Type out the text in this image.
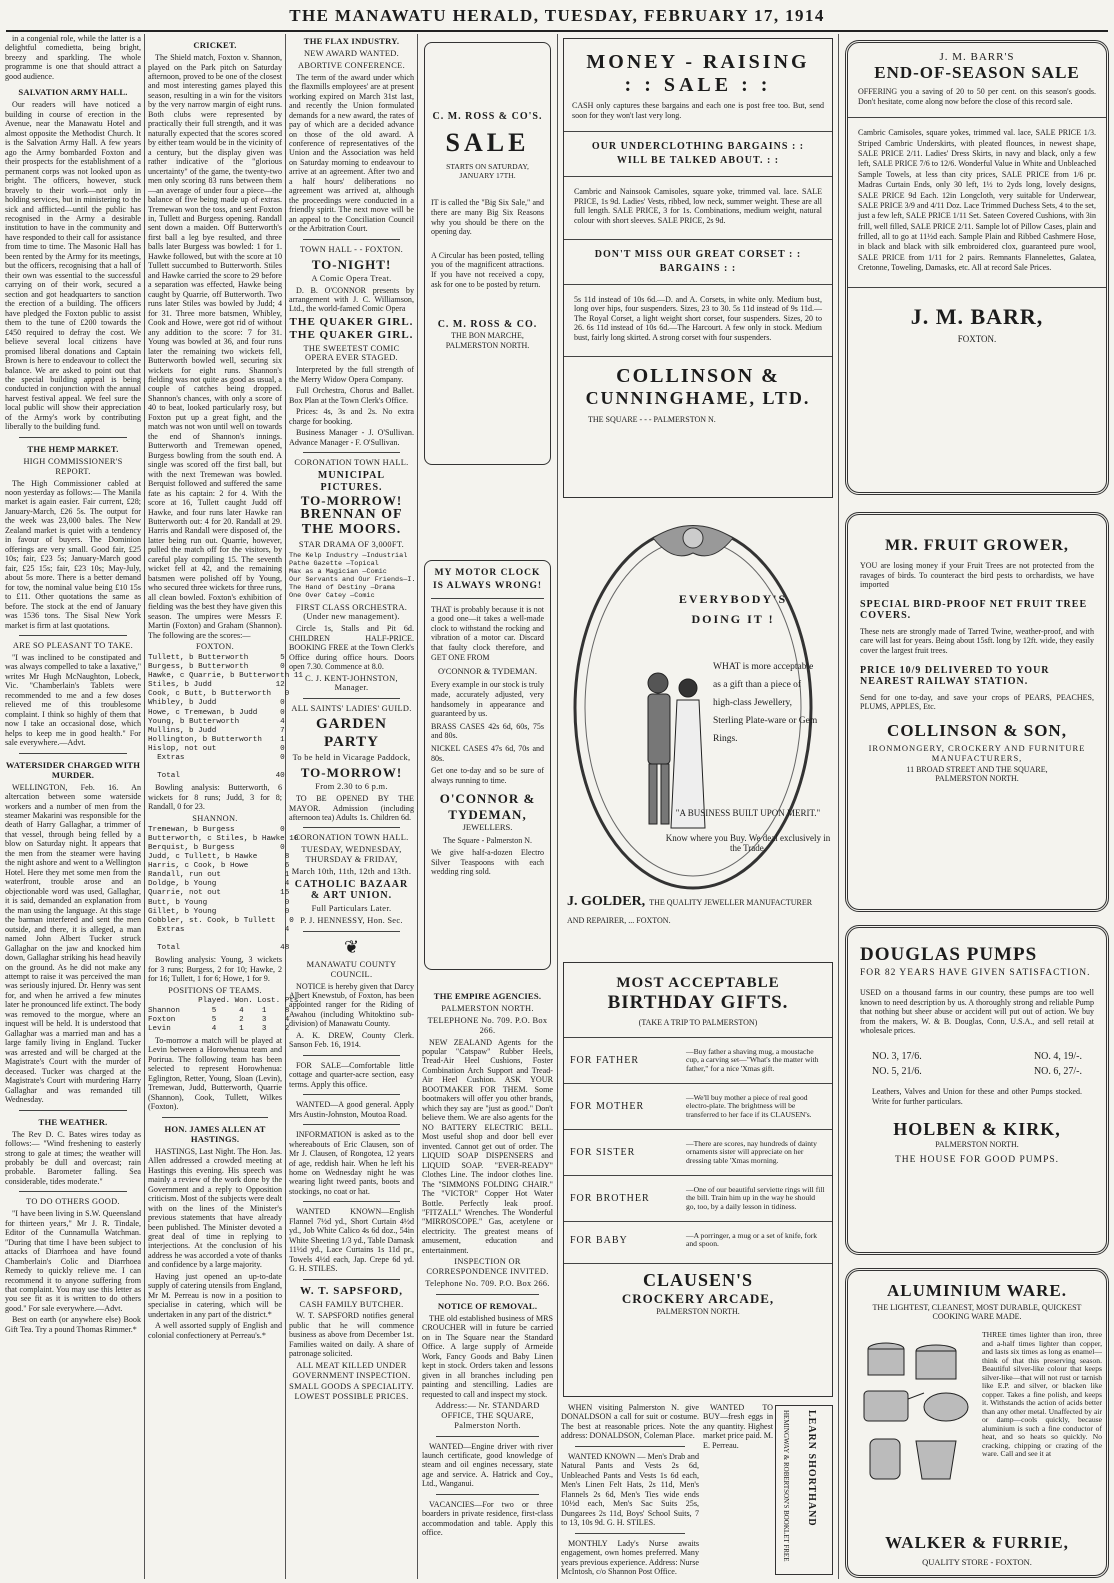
THE MANAWATU HERALD, TUESDAY, FEBRUARY 17, 1914

in a congenial role, while the latter is a delightful comedietta, being bright, breezy and sparkling. The whole programme is one that should attract a good audience.

SALVATION ARMY HALL.

Our readers will have noticed a building in course of erection in the Avenue, near the Manawatu Hotel and almost opposite the Methodist Church. It is the Salvation Army Hall. A few years ago the Army bombarded Foxton and their prospects for the establishment of a permanent corps was not looked upon as bright. The officers, however, stuck bravely to their work—not only in holding services, but in ministering to the sick and afflicted—until the public has recognised in the Army a desirable institution to have in the community and have responded to their call for assistance from time to time. The Masonic Hall has been rented by the Army for its meetings, but the officers, recognising that a hall of their own was essential to the successful carrying on of their work, secured a section and got headquarters to sanction the erection of a building. The officers have pledged the Foxton public to assist them to the tune of £200 towards the £450 required to defray the cost. We believe several local citizens have promised liberal donations and Captain Brown is here to endeavour to collect the balance. We are asked to point out that the special building appeal is being conducted in conjunction with the annual harvest festival appeal. We feel sure the local public will show their appreciation of the Army's work by contributing liberally to the building fund.

THE HEMP MARKET.
HIGH COMMISSIONER'S REPORT.

The High Commissioner cabled at noon yesterday as follows:— The Manila market is again easier. Fair current, £28; January-March, £26 5s. The output for the week was 23,000 bales. The New Zealand market is quiet with a tendency in favour of buyers. The Dominion offerings are very small. Good fair, £25 10s; fair, £23 5s; January-March good fair, £25 15s; fair, £23 10s; May-July, about 5s more. There is a better demand for tow, the nominal value being £10 15s to £11. Other quotations the same as before. The stock at the end of January was 1536 tons. The Sisal New York market is firm at last quotations.

ARE SO PLEASANT TO TAKE.

"I was inclined to be constipated and was always compelled to take a laxative," writes Mr Hugh McNaughton, Lobeck, Vic. "Chamberlain's Tablets were recommended to me and a few doses relieved me of this troublesome complaint. I think so highly of them that now I take an occasional dose, which helps to keep me in good health." For sale everywhere.—Advt.

WATERSIDER CHARGED WITH MURDER.

WELLINGTON, Feb. 16. An altercation between some waterside workers and a number of men from the steamer Makarini was responsible for the death of Harry Gallaghar, a trimmer of that vessel, through being felled by a blow on Saturday night. It appears that the men from the steamer were having the night ashore and went to a Wellington Hotel. Here they met some men from the waterfront, trouble arose and an objectionable word was used, Gallaghar, it is said, demanded an explanation from the man using the language. At this stage the barman interfered and sent the men outside, and there, it is alleged, a man named John Albert Tucker struck Gallaghar on the jaw and knocked him down, Gallaghar striking his head heavily on the ground. As he did not make any attempt to raise it was perceived the man was seriously injured. Dr. Henry was sent for, and when he arrived a few minutes later he pronounced life extinct. The body was removed to the morgue, where an inquest will be held. It is understood that Gallaghar was a married man and has a large family living in England. Tucker was arrested and will be charged at the Magistrate's Court with the murder of deceased. Tucker was charged at the Magistrate's Court with murdering Harry Gallaghar and was remanded till Wednesday.

THE WEATHER.

The Rev D. C. Bates wires today as follows:— "Wind freshening to easterly strong to gale at times; the weather will probably be dull and overcast; rain probable. Barometer falling. Sea considerable, tides moderate."

TO DO OTHERS GOOD.

"I have been living in S.W. Queensland for thirteen years," Mr J. R. Tindale, Editor of the Cunnamulla Watchman. "During that time I have been subject to attacks of Diarrhoea and have found Chamberlain's Colic and Diarrhoea Remedy to quickly relieve me. I can recommend it to anyone suffering from that complaint. You may use this letter as you see fit as it is written to do others good." For sale everywhere.—Advt.

Best on earth (or anywhere else) Book Gift Tea. Try a pound Thomas Rimmer.*

CRICKET.

The Shield match, Foxton v. Shannon, played on the Park pitch on Saturday afternoon, proved to be one of the closest and most interesting games played this season, resulting in a win for the visitors by the very narrow margin of eight runs. Both clubs were represented by practically their full strength, and it was naturally expected that the scores scored by either team would be in the vicinity of a century, but the display given was rather indicative of the "glorious uncertainty" of the game, the twenty-two men only scoring 83 runs between them—an average of under four a piece—the balance of five being made up of extras. Tremewan won the toss, and sent Foxton in, Tullett and Burgess opening. Randall sent down a maiden. Off Butterworth's first ball a leg bye resulted, and three balls later Burgess was bowled: 1 for 1. Hawke followed, but with the score at 10 Tullett succumbed to Butterworth. Stiles and Hawke carried the score to 29 before a separation was effected, Hawke being caught by Quarrie, off Butterworth. Two runs later Stiles was bowled by Judd; 4 for 31. Three more batsmen, Whibley, Cook and Howe, were got rid of without any addition to the score: 7 for 31. Young was bowled at 36, and four runs later the remaining two wickets fell, Butterworth bowled well, securing six wickets for eight runs. Shannon's fielding was not quite as good as usual, a couple of catches being dropped. Shannon's chances, with only a score of 40 to beat, looked particularly rosy, but Foxton put up a great fight, and the match was not won until well on towards the end of Shannon's innings. Butterworth and Tremewan opened, Burgess bowling from the south end. A single was scored off the first ball, but with the next Tremewan was bowled. Berquist followed and suffered the same fate as his captain: 2 for 4. With the score at 16, Tullett caught Judd off Hawke, and four runs later Hawke ran Butterworth out: 4 for 20. Randall at 29. Harris and Randall were disposed of, the latter being run out. Quarrie, however, pulled the match off for the visitors, by careful play compiling 15. The seventh wicket fell at 42, and the remaining batsmen were polished off by Young, who secured three wickets for three runs, all clean bowled. Foxton's exhibition of fielding was the best they have given this season. The umpires were Messrs F. Martin (Foxton) and Graham (Shannon). The following are the scores:—

FOXTON.
Tullett, b Butterworth       5
Burgess, b Butterworth       0
Hawke, c Quarrie, b Butterworth 11
Stiles, b Judd              12
Cook, c Butt, b Butterworth   0
Whibley, b Judd              0
Howe, c Tremewan, b Judd     0
Young, b Butterworth         4
Mullins, b Judd              7
Hollington, b Butterworth    1
Hislop, not out              0
Extras                     0

Total                     40

Bowling analysis: Butterworth, 6 wickets for 8 runs; Judd, 3 for 8; Randall, 0 for 23.

SHANNON.
Tremewan, b Burgess          0
Butterworth, c Stiles, b Hawke 10
Berquist, b Burgess          0
Judd, c Tullett, b Hawke      8
Harris, c Cook, b Howe        6
Randall, run out              1
Doldge, b Young               4
Quarrie, not out             15
Butt, b Young                 0
Gillet, b Young               0
Cobbler, st. Cook, b Tullett   0
Extras                      4

Total                      48

Bowling analysis: Young, 3 wickets for 3 runs; Burgess, 2 for 10; Hawke, 2 for 16; Tullett, 1 for 6; Howe, 1 for 9.

POSITIONS OF TEAMS.
Played. Won. Lost. Pts.
Shannon       5     4    1    8
Foxton        5     2    3    4
Levin         4     1    3    2

To-morrow a match will be played at Levin between a Horowhenua team and Porirua. The following team has been selected to represent Horowhenua: Eglington, Retter, Young, Sloan (Levin), Tremewan, Judd, Butterworth, Quarrie (Shannon), Cook, Tullett, Wilkes (Foxton).

HON. JAMES ALLEN AT HASTINGS.

HASTINGS, Last Night. The Hon. Jas. Allen addressed a crowded meeting at Hastings this evening. His speech was mainly a review of the work done by the Government and a reply to Opposition criticism. Most of the subjects were dealt with on the lines of the Minister's previous statements that have already been published. The Minister devoted a great deal of time in replying to interjections. At the conclusion of his address he was accorded a vote of thanks and confidence by a large majority.

Having just opened an up-to-date supply of catering utensils from England, Mr M. Perreau is now in a position to specialise in catering, which will be undertaken in any part of the district.*

A well assorted supply of English and colonial confectionery at Perreau's.*

THE FLAX INDUSTRY.
NEW AWARD WANTED.
ABORTIVE CONFERENCE.

The term of the award under which the flaxmills employees' are at present working expired on March 31st last, and recently the Union formulated demands for a new award, the rates of pay of which are a decided advance on those of the old award. A conference of representatives of the Union and the Association was held on Saturday morning to endeavour to arrive at an agreement. After two and a half hours' deliberations no agreement was arrived at, although the proceedings were conducted in a friendly spirit. The next move will be an appeal to the Conciliation Council or the Arbitration Court.

TOWN HALL - - FOXTON.
TO-NIGHT!
A Comic Opera Treat.

D. B. O'CONNOR presents by arrangement with J. C. Williamson, Ltd., the world-famed Comic Opera

THE QUAKER GIRL.
THE QUAKER GIRL.
THE SWEETEST COMIC OPERA EVER STAGED.

Interpreted by the full strength of the Merry Widow Opera Company.

Full Orchestra, Chorus and Ballet. Box Plan at the Town Clerk's Office.

Prices: 4s, 3s and 2s. No extra charge for booking.

Business Manager - J. O'Sullivan. Advance Manager - F. O'Sullivan.

CORONATION TOWN HALL.
MUNICIPAL PICTURES.
TO-MORROW!
BRENNAN OF THE MOORS.
STAR DRAMA OF 3,000FT.
The Kelp Industry —Industrial
Pathe Gazette —Topical
Max as a Magician —Comic
Our Servants and Our Friends—I.
The Hand of Destiny —Drama
One Over Catey —Comic
FIRST CLASS ORCHESTRA. (Under new management).

Circle 1s, Stalls and Pit 6d. CHILDREN HALF-PRICE. BOOKING FREE at the Town Clerk's Office during office hours. Doors open 7.30. Commence at 8.0.

C. J. KENT-JOHNSTON, Manager.
ALL SAINTS' LADIES' GUILD.
GARDEN PARTY
To be held in Vicarage Paddock,
TO-MORROW!
From 2.30 to 6 p.m.

TO BE OPENED BY THE MAYOR. Admission (including afternoon tea) Adults 1s. Children 6d.

CORONATION TOWN HALL.
TUESDAY, WEDNESDAY, THURSDAY & FRIDAY,
March 10th, 11th, 12th and 13th.
CATHOLIC BAZAAR & ART UNION.
Full Particulars Later.
P. J. HENNESSY, Hon. Sec.
❦
MANAWATU COUNTY COUNCIL.

NOTICE is hereby given that Darcy Albert Knewstub, of Foxton, has been appointed ranger for the Riding of Awahou (including Whitoktino sub-division) of Manawatu County.

A. K. DREW, County Clerk. Sanson Feb. 16, 1914.

FOR SALE—Comfortable little cottage and quarter-acre section, easy terms. Apply this office.

WANTED—A good general. Apply Mrs Austin-Johnston, Moutoa Road.

INFORMATION is asked as to the whereabouts of Eric Clausen, son of Mr J. Clausen, of Rongotea, 12 years of age, reddish hair. When he left his home on Wednesday night he was wearing light tweed pants, boots and stockings, no coat or hat.

WANTED KNOWN—English Flannel 7½d yd., Short Curtain 4½d yd., Job White Calico 4s 6d doz., 54in White Sheeting 1/3 yd., Table Damask 11½d yd., Lace Curtains 1s 11d pr., Towels 4½d each, Jap. Crepe 6d yd. G. H. STILES.

W. T. SAPSFORD,
CASH FAMILY BUTCHER.

W. T. SAPSFORD notifies general public that he will commence business as above from December 1st. Families waited on daily. A share of patronage solicited.

ALL MEAT KILLED UNDER GOVERNMENT INSPECTION.
SMALL GOODS A SPECIALITY. LOWEST POSSIBLE PRICES.
C. M. ROSS & CO'S.
SALE
STARTS ON SATURDAY, JANUARY 17TH.

IT is called the "Big Six Sale," and there are many Big Six Reasons why you should be there on the opening day.

A Circular has been posted, telling you of the magnificent attractions. If you have not received a copy, ask for one to be posted by return.

C. M. ROSS & CO.
THE BON MARCHE,
PALMERSTON NORTH.
MY MOTOR CLOCK IS ALWAYS WRONG!

THAT is probably because it is not a good one—it takes a well-made clock to withstand the rocking and vibration of a motor car. Discard that faulty clock therefore, and GET ONE FROM

O'CONNOR & TYDEMAN.

Every example in our stock is truly made, accurately adjusted, very handsomely in appearance and guaranteed by us.

BRASS CASES 42s 6d, 60s, 75s and 80s.

NICKEL CASES 47s 6d, 70s and 80s.

Get one to-day and so be sure of always running to time.

O'CONNOR &
TYDEMAN,
JEWELLERS.
The Square - Palmerston N.

We give half-a-dozen Electro Silver Teaspoons with each wedding ring sold.

THE EMPIRE AGENCIES.
PALMERSTON NORTH.
TELEPHONE No. 709. P.O. Box 266.

NEW ZEALAND Agents for the popular "Catspaw" Rubber Heels, Tread-Air Heel Cushions, Foster Combination Arch Support and Tread-Air Heel Cushion. ASK YOUR BOOTMAKER FOR THEM. Some bootmakers will offer you other brands, which they say are "just as good." Don't believe them. We are also agents for the NO BATTERY ELECTRIC BELL. Most useful shop and door bell ever invented. Cannot get out of order. The LIQUID SOAP DISPENSERS and LIQUID SOAP. "EVER-READY" Clothes Line. The indoor clothes line. The "SIMMONS FOLDING CHAIR." The "VICTOR" Copper Hot Water Bottle. Perfectly leak proof. "FITZALL" Wrenches. The Wonderful "MIRROSCOPE." Gas, acetylene or electricity. The greatest means of amusement, education and entertainment.

INSPECTION OR CORRESPONDENCE INVITED.
Telephone No. 709. P.O. Box 266.
NOTICE OF REMOVAL.

THE old established business of MRS CROUCHER will in future be carried on in The Square near the Standard Office. A large supply of Armeide Work, Fancy Goods and Baby Linen kept in stock. Orders taken and lessons given in all branches including pen painting and stencilling. Ladies are requested to call and inspect my stock.

Address:— Nr. STANDARD OFFICE, THE SQUARE, Palmerston North.

WANTED—Engine driver with river launch certificate, good knowledge of steam and oil engines necessary, state age and service. A. Hatrick and Coy., Ltd., Wanganui.

VACANCIES—For two or three boarders in private residence, first-class accommodation and table. Apply this office.

MONEY - RAISING
: : SALE : :

CASH only captures these bargains and each one is post free too. But, send soon for they won't last very long.

OUR UNDERCLOTHING BARGAINS : : WILL BE TALKED ABOUT. : :

Cambric and Nainsook Camisoles, square yoke, trimmed val. lace. SALE PRICE, 1s 9d. Ladies' Vests, ribbed, low neck, summer weight. These are all full length. SALE PRICE, 3 for 1s. Combinations, medium weight, natural colour with short sleeves. SALE PRICE, 2s 9d.

DON'T MISS OUR GREAT CORSET : : BARGAINS : :

5s 11d instead of 10s 6d.—D. and A. Corsets, in white only. Medium bust, long over hips, four suspenders. Sizes, 23 to 30. 5s 11d instead of 9s 11d.—The Royal Corset, a light weight short corset, four suspenders. Sizes, 20 to 26. 6s 11d instead of 10s 6d.—The Harcourt. A few only in stock. Medium bust, fairly long skirted. A strong corset with four suspenders.

COLLINSON &
CUNNINGHAME, LTD.
THE SQUARE - - - PALMERSTON N.
EVERYBODY'S
DOING IT !
WHAT is more acceptable as a gift than a piece of high-class Jewellery, Sterling Plate-ware or Gem Rings.
"A BUSINESS BUILT UPON MERIT."
Know where you Buy. We deal exclusively in the Trade.
J. GOLDER, THE QUALITY JEWELLER MANUFACTURER AND REPAIRER, ... FOXTON.
MOST ACCEPTABLE
BIRTHDAY GIFTS.
(TAKE A TRIP TO PALMERSTON)
FOR FATHER
—Buy father a shaving mug, a moustache cup, a carving set—"What's the matter with father," for a nice 'Xmas gift.
FOR MOTHER
—We'll buy mother a piece of real good electro-plate. The brightness will be transferred to her face if its CLAUSEN's.
FOR SISTER
—There are scores, nay hundreds of dainty ornaments sister will appreciate on her dressing table 'Xmas morning.
FOR BROTHER
—One of our beautiful serviette rings will fill the bill. Train him up in the way he should go, too, by a daily lesson in tidiness.
FOR BABY	—A porringer, a mug or a set of knife, fork and spoon.
CLAUSEN'S
CROCKERY ARCADE,
PALMERSTON NORTH.

WHEN visiting Palmerston N. give DONALDSON a call for suit or costume. The best at reasonable prices. Note the address: DONALDSON, Coleman Place.

WANTED KNOWN — Men's Drab and Natural Pants and Vests 2s 6d, Unbleached Pants and Vests 1s 6d each, Men's Linen Felt Hats, 2s 11d, Men's Flannels 2s 6d, Men's Ties wide ends 10½d each, Men's Sac Suits 25s, Dungarees 2s 11d, Boys' School Suits, 7 to 13, 10s 9d. G. H. STILES.

MONTHLY Lady's Nurse awaits engagement, own homes preferred. Many years previous experience. Address: Nurse McIntosh, c/o Shannon Post Office.

WANTED TO BUY—fresh eggs in any quantity. Highest market price paid. M. E. Perreau.	LEARN SHORTHAND
HEMINGWAY & ROBERTSON'S BOOKLET FREE
J. M. BARR'S
END-OF-SEASON SALE

OFFERING you a saving of 20 to 50 per cent. on this season's goods. Don't hesitate, come along now before the close of this record sale.

Cambric Camisoles, square yokes, trimmed val. lace, SALE PRICE 1/3. Striped Cambric Underskirts, with pleated flounces, in newest shape, SALE PRICE 2/11. Ladies' Dress Skirts, in navy and black, only a few left, SALE PRICE 7/6 to 12/6. Wonderful Value in White and Unbleached Sample Towels, at less than city prices, SALE PRICE from 1/6 pr. Madras Curtain Ends, only 30 left, 1½ to 2yds long, lovely designs, SALE PRICE 9d Each. 12in Longcloth, very suitable for Underwear, SALE PRICE 3/9 and 4/11 Doz. Lace Trimmed Duchess Sets, 4 to the set, just a few left, SALE PRICE 1/11 Set. Sateen Covered Cushions, with 3in frill, well filled, SALE PRICE 2/11. Sample lot of Pillow Cases, plain and frilled, all to go at 11½d each. Sample Plain and Ribbed Cashmere Hose, in black and black with silk embroidered clox, guaranteed pure wool, SALE PRICE from 1/11 for 2 pairs. Remnants Flannelettes, Galatea, Cretonne, Toweling, Damasks, etc. All at record Sale Prices.

J. M. BARR,
FOXTON.
MR. FRUIT GROWER,

YOU are losing money if your Fruit Trees are not protected from the ravages of birds. To counteract the bird pests to orchardists, we have imported

SPECIAL BIRD-PROOF NET FRUIT TREE COVERS.

These nets are strongly made of Tarred Twine, weather-proof, and with care will last for years. Being about 15sft. long by 12ft. wide, they easily cover the largest fruit trees.

PRICE 10/9 DELIVERED TO YOUR NEAREST RAILWAY STATION.

Send for one to-day, and save your crops of PEARS, PEACHES, PLUMS, APPLES, Etc.

COLLINSON & SON,
IRONMONGERY, CROCKERY AND FURNITURE MANUFACTURERS,
11 BROAD STREET AND THE SQUARE,
PALMERSTON NORTH.
DOUGLAS PUMPS
FOR 82 YEARS HAVE GIVEN SATISFACTION.

USED on a thousand farms in our country, these pumps are too well known to need description by us. A thoroughly strong and reliable Pump that nothing but sheer abuse or accident will put out of action. We buy from the makers, W. & B. Douglas, Conn, U.S.A., and sell retail at wholesale prices.

NO. 3, 17/6.	NO. 4, 19/-.
NO. 5, 21/6.	NO. 6, 27/-.

Leathers, Valves and Union for these and other Pumps stocked. Write for further particulars.

HOLBEN & KIRK,
PALMERSTON NORTH.
THE HOUSE FOR GOOD PUMPS.
ALUMINIUM WARE.
THE LIGHTEST, CLEANEST, MOST DURABLE, QUICKEST COOKING WARE MADE.

THREE times lighter than iron, three and a-half times lighter than copper, and lasts six times as long as enamel—think of that this preserving season. Beautiful silver-like colour that keeps silver-like—that will not rust or tarnish like E.P. and silver, or blacken like copper. Takes a fine polish, and keeps it. Withstands the action of acids better than any other metal. Unaffected by air or damp—cools quickly, because aluminium is such a fine conductor of heat, and so heats so quickly. No cracking, chipping or crazing of the ware. Call and see it at

WALKER & FURRIE,
QUALITY STORE - FOXTON.
